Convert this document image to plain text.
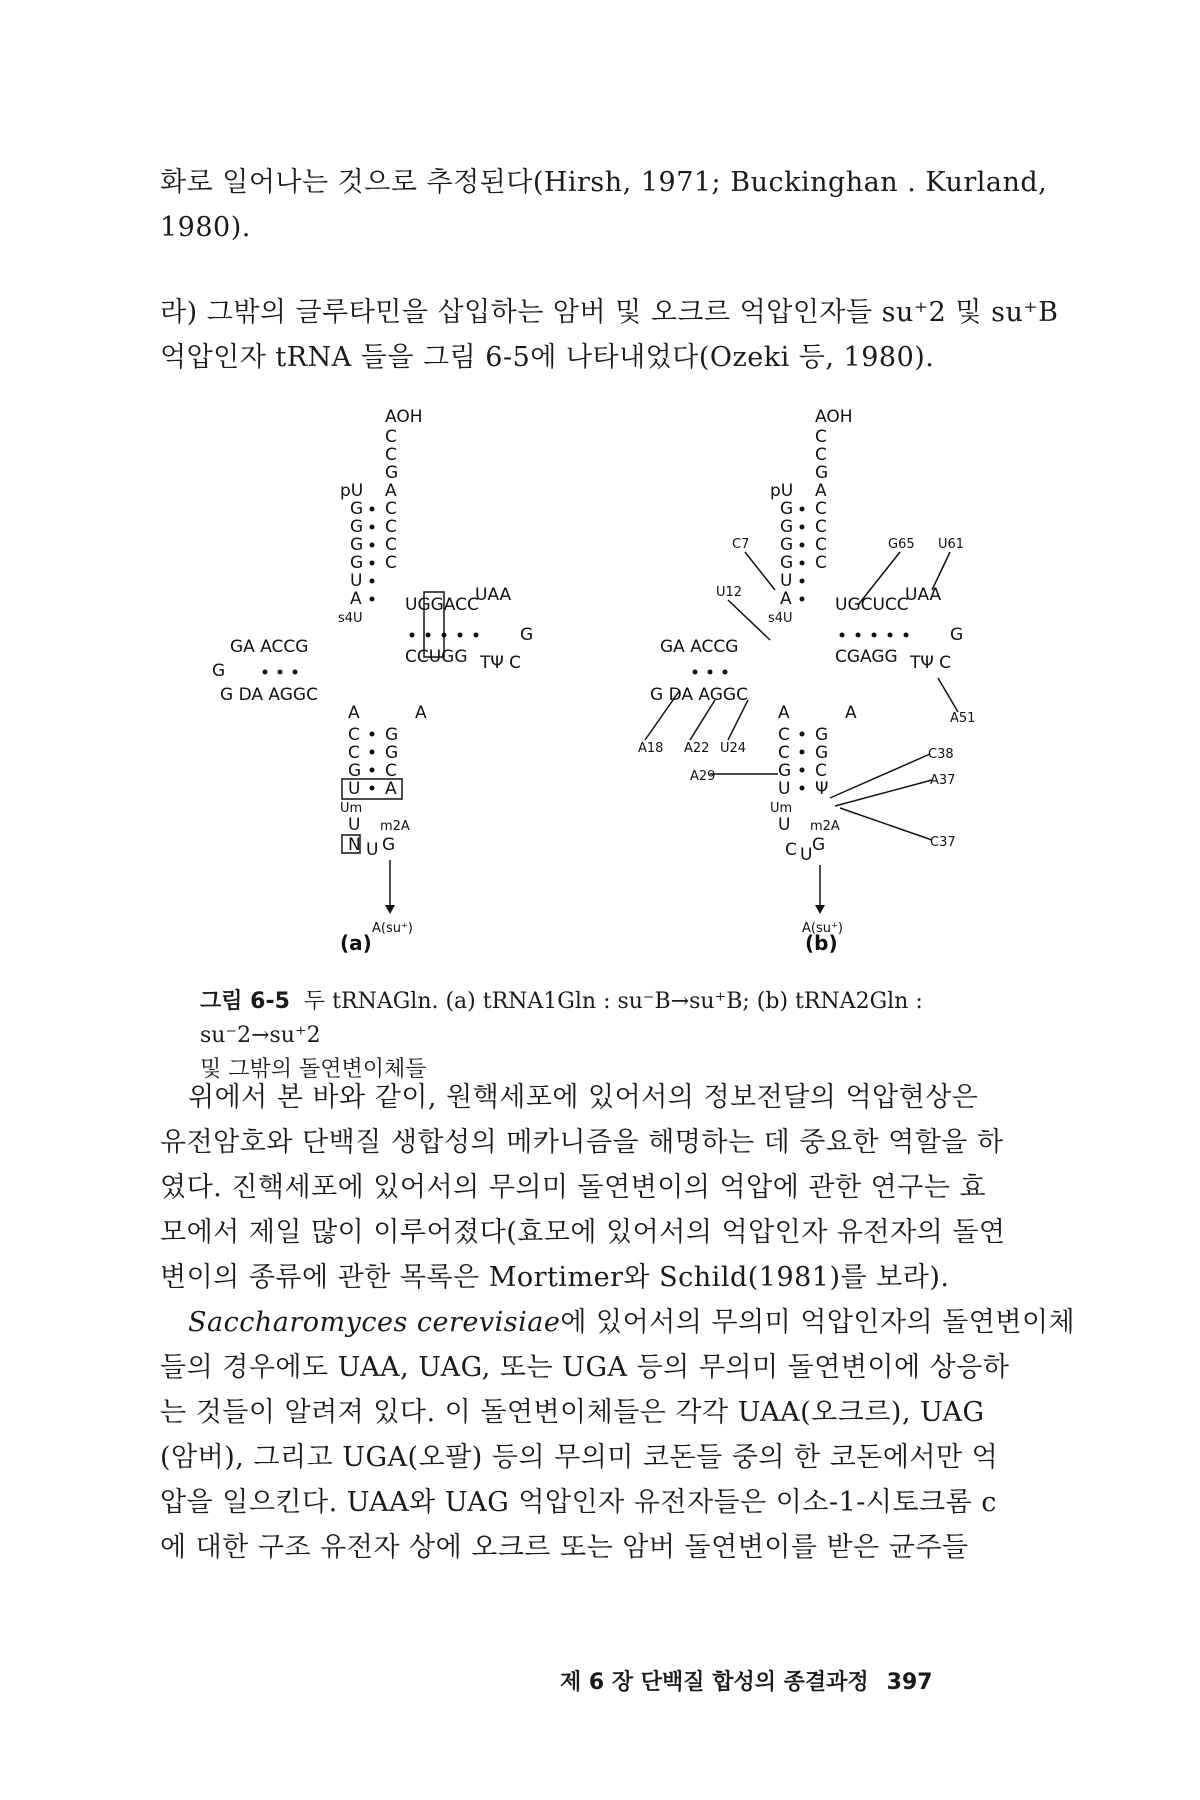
화로 일어나는 것으로 추정된다(Hirsh, 1971; Buckinghan . Kurland,
1980).
라) 그밖의 글루타민을 삽입하는 암버 및 오크르 억압인자들 su⁺2 및 su⁺B
억압인자 tRNA 들을 그림 6-5에 나타내었다(Ozeki 등, 1980).
AOH
C
C
G
A
C
C
C
C
pU
G
G
G
G
U
A
s4U
GA ACCG
G DA AGGC
G
UGGACC
CCUGG
UAA
G
TΨ C
A
C
C
G
U
U
N
A
G
G
C
A
m2A
G
Um
U
A(su⁺)
(a)
AOH
C
C
G
A
C
C
C
C
pU
G
G
G
G
U
A
s4U
GA ACCG
G DA AGGC
UGCUCC
CGAGG
UAA
G
TΨ C
A
C
C
G
U
U
C
A
G
G
C
Ψ
m2A
G
Um
U
C7
U12
G65 U61
A51
A18 A22 U24
A29
C38
A37
C37
A(su⁺)
(b)
그림 6-5 두 tRNAGln. (a) tRNA1Gln : su⁻B→su⁺B; (b) tRNA2Gln : su⁻2→su⁺2
및 그밖의 돌연변이체들
위에서 본 바와 같이, 원핵세포에 있어서의 정보전달의 억압현상은
유전암호와 단백질 생합성의 메카니즘을 해명하는 데 중요한 역할을 하
였다. 진핵세포에 있어서의 무의미 돌연변이의 억압에 관한 연구는 효
모에서 제일 많이 이루어졌다(효모에 있어서의 억압인자 유전자의 돌연
변이의 종류에 관한 목록은 Mortimer와 Schild(1981)를 보라).
Saccharomyces cerevisiae에 있어서의 무의미 억압인자의 돌연변이체
들의 경우에도 UAA, UAG, 또는 UGA 등의 무의미 돌연변이에 상응하
는 것들이 알려져 있다. 이 돌연변이체들은 각각 UAA(오크르), UAG
(암버), 그리고 UGA(오팔) 등의 무의미 코돈들 중의 한 코돈에서만 억
압을 일으킨다. UAA와 UAG 억압인자 유전자들은 이소-1-시토크롬 c
에 대한 구조 유전자 상에 오크르 또는 암버 돌연변이를 받은 균주들
제 6 장 단백질 합성의 종결과정 397
